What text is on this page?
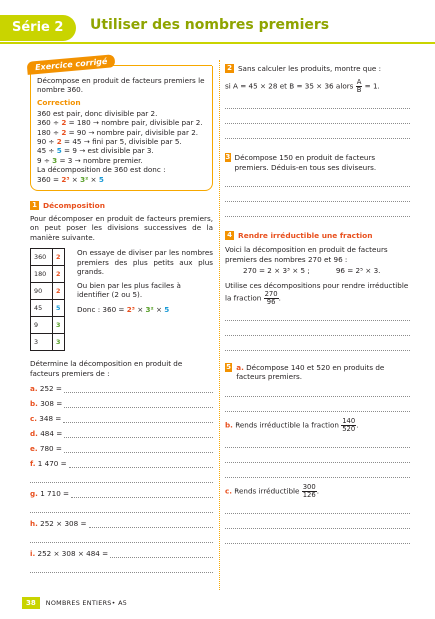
Série 2	Utiliser des nombres premiers
Exercice corrigé
Décompose en produit de facteurs premiers le nombre 360.
Correction
360 est pair, donc divisible par 2.
360 ÷ 2 = 180 → nombre pair, divisible par 2.
180 ÷ 2 = 90 → nombre pair, divisible par 2.
90 ÷ 2 = 45 → fini par 5, divisible par 5.
45 ÷ 5 = 9 → est divisible par 3.
9 ÷ 3 = 3 → nombre premier.
La décomposition de 360 est donc :
360 = 2³ × 3² × 5
1 Décomposition
Pour décomposer en produit de facteurs premiers, on peut poser les divisions successives de la manière suivante.
360	2
180	2
90	2
45	5
9	3
3	3
On essaye de diviser par les nombres premiers des plus petits aux plus grands.
Ou bien par les plus faciles à identifier (2 ou 5).
Donc : 360 = 2³ × 3² × 5
Détermine la décomposition en produit de facteurs premiers de :
a. 252 =
b. 308 =
c. 348 =
d. 484 =
e. 780 =
f. 1 470 =
g. 1 710 =
h. 252 × 308 =
i. 252 × 308 × 484 =
2 Sans calculer les produits, montre que :
si A = 45 × 28 et B = 35 × 36 alors $\frac{A}{B} = 1$.
3 Décompose 150 en produit de facteurs premiers. Déduis-en tous ses diviseurs.
4 Rendre irréductible une fraction
Voici la décomposition en produit de facteurs premiers des nombres 270 et 96 :
270 = 2 × 3³ × 5 ;	96 = 2⁵ × 3.
Utilise ces décompositions pour rendre irréductible la fraction $\frac{270}{96}$ .
5 a. Décompose 140 et 520 en produits de facteurs premiers.
b. Rends irréductible la fraction $\frac{140}{520}$ .
c. Rends irréductible $\frac{300}{126}$ .
38	NOMBRES ENTIERS• A5
